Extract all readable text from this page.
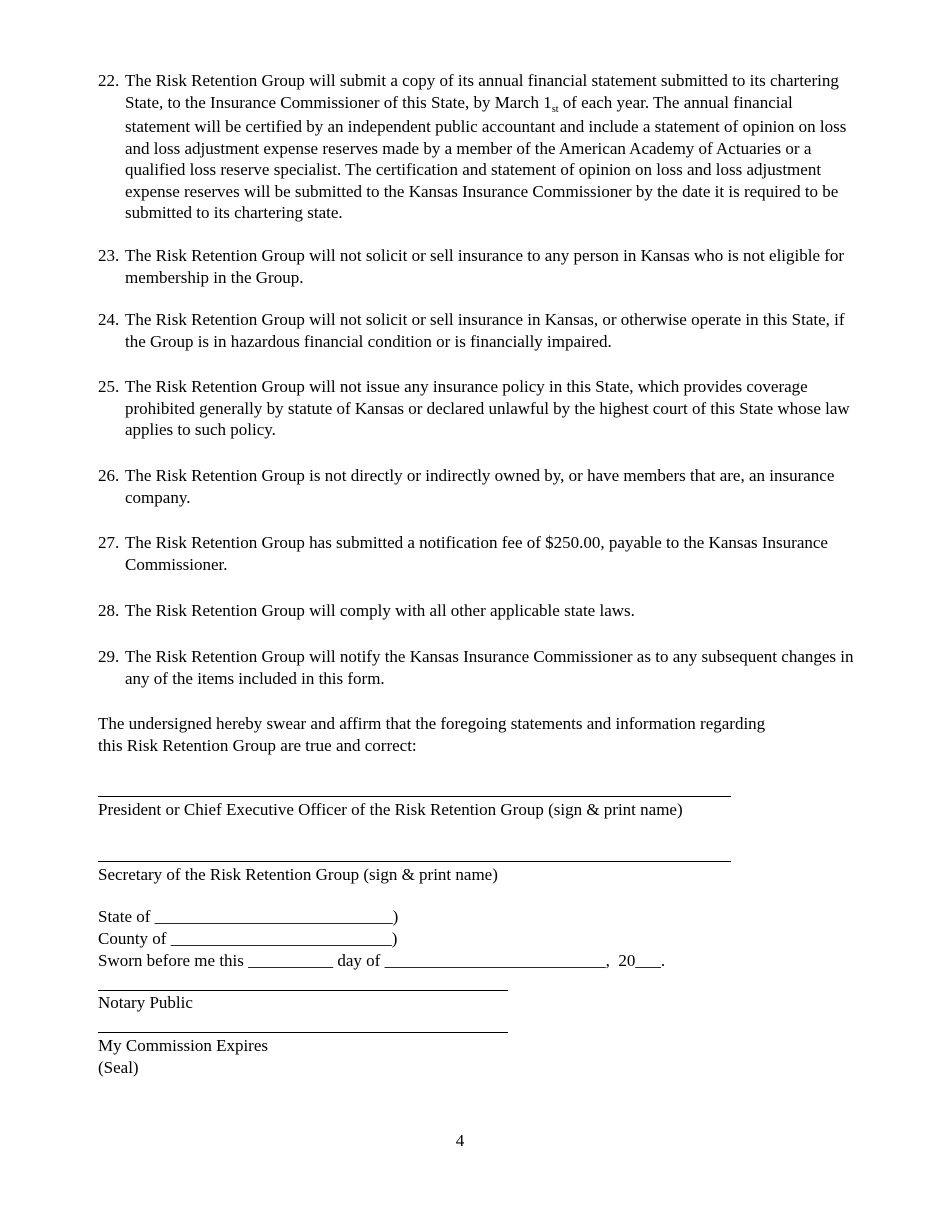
22. The Risk Retention Group will submit a copy of its annual financial statement submitted to its chartering State, to the Insurance Commissioner of this State, by March $1_{st}$ of each year. The annual financial statement will be certified by an independent public accountant and include a statement of opinion on loss and loss adjustment expense reserves made by a member of the American Academy of Actuaries or a qualified loss reserve specialist. The certification and statement of opinion on loss and loss adjustment expense reserves will be submitted to the Kansas Insurance Commissioner by the date it is required to be submitted to its chartering state.
23. The Risk Retention Group will not solicit or sell insurance to any person in Kansas who is not eligible for membership in the Group.
24. The Risk Retention Group will not solicit or sell insurance in Kansas, or otherwise operate in this State, if the Group is in hazardous financial condition or is financially impaired.
25. The Risk Retention Group will not issue any insurance policy in this State, which provides coverage prohibited generally by statute of Kansas or declared unlawful by the highest court of this State whose law applies to such policy.
26. The Risk Retention Group is not directly or indirectly owned by, or have members that are, an insurance company.
27. The Risk Retention Group has submitted a notification fee of $250.00, payable to the Kansas Insurance Commissioner.
28. The Risk Retention Group will comply with all other applicable state laws.
29. The Risk Retention Group will notify the Kansas Insurance Commissioner as to any subsequent changes in any of the items included in this form.
The undersigned hereby swear and affirm that the foregoing statements and information regarding
this Risk Retention Group are true and correct:
President or Chief Executive Officer of the Risk Retention Group (sign & print name)
Secretary of the Risk Retention Group (sign & print name)
State of ____________________________)
County of __________________________)
Sworn before me this __________ day of __________________________,  20___.
Notary Public
My Commission Expires
(Seal)
4
